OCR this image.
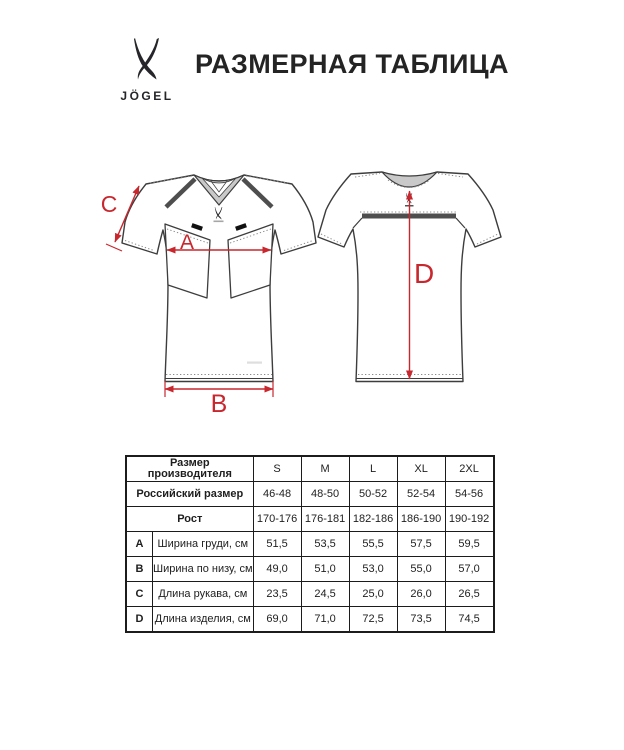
JÖGEL
РАЗМЕРНАЯ ТАБЛИЦА
C
A
B
D
Размер производителя		S	M	L	XL	2XL
Российский размер		46-48	48-50	50-52	52-54	54-56
Рост		170-176	176-181	182-186	186-190	190-192
A	Ширина груди, см	51,5	53,5	55,5	57,5	59,5
B	Ширина по низу, см	49,0	51,0	53,0	55,0	57,0
C	Длина рукава, см	23,5	24,5	25,0	26,0	26,5
D	Длина изделия, см	69,0	71,0	72,5	73,5	74,5
